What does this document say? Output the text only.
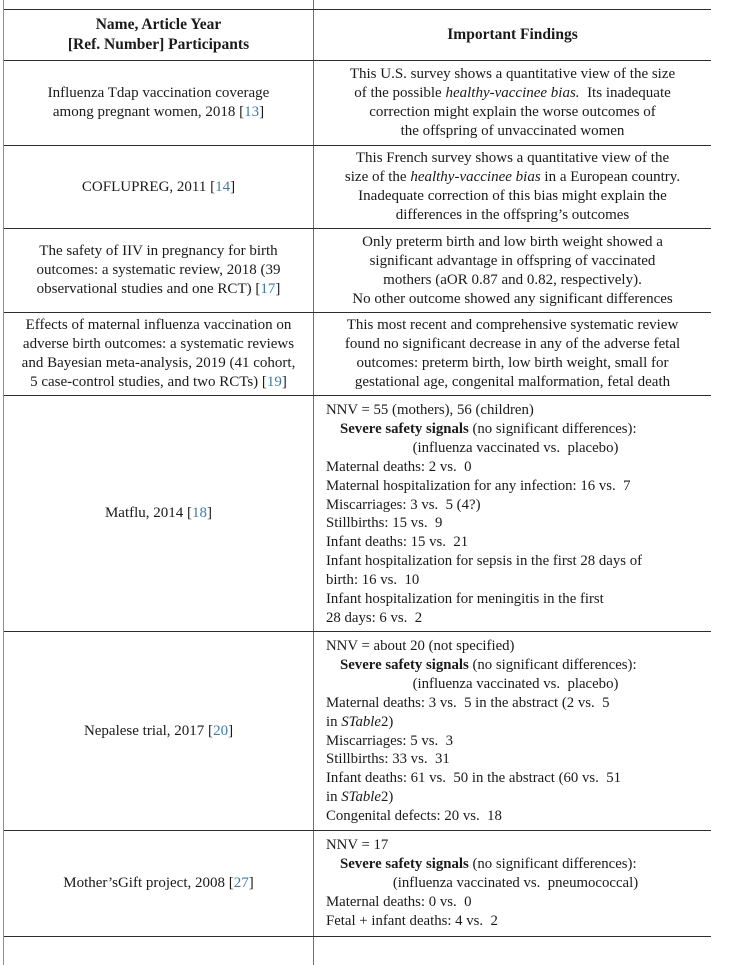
Name, Article Year
[Ref. Number] Participants
Important Findings
Influenza Tdap vaccination coverage
among pregnant women, 2018 [13]
This U.S. survey shows a quantitative view of the size
of the possible healthy-vaccinee bias.  Its inadequate
correction might explain the worse outcomes of
the offspring of unvaccinated women
COFLUPREG, 2011 [14]
This French survey shows a quantitative view of the
size of the healthy-vaccinee bias in a European country.
Inadequate correction of this bias might explain the
differences in the offspring’s outcomes
The safety of IIV in pregnancy for birth
outcomes: a systematic review, 2018 (39
observational studies and one RCT) [17]
Only preterm birth and low birth weight showed a
significant advantage in offspring of vaccinated
mothers (aOR 0.87 and 0.82, respectively).
No other outcome showed any significant differences
Effects of maternal influenza vaccination on
adverse birth outcomes: a systematic reviews
and Bayesian meta-analysis, 2019 (41 cohort,
5 case-control studies, and two RCTs) [19]
This most recent and comprehensive systematic review
found no significant decrease in any of the adverse fetal
outcomes: preterm birth, low birth weight, small for
gestational age, congenital malformation, fetal death
Matflu, 2014 [18]
NNV = 55 (mothers), 56 (children)
Severe safety signals (no significant differences):
(influenza vaccinated vs.  placebo)
Maternal deaths: 2 vs.  0
Maternal hospitalization for any infection: 16 vs.  7
Miscarriages: 3 vs.  5 (4?)
Stillbirths: 15 vs.  9
Infant deaths: 15 vs.  21
Infant hospitalization for sepsis in the first 28 days of
birth: 16 vs.  10
Infant hospitalization for meningitis in the first
28 days: 6 vs.  2
Nepalese trial, 2017 [20]
NNV = about 20 (not specified)
Severe safety signals (no significant differences):
(influenza vaccinated vs.  placebo)
Maternal deaths: 3 vs.  5 in the abstract (2 vs.  5
in STable2)
Miscarriages: 5 vs.  3
Stillbirths: 33 vs.  31
Infant deaths: 61 vs.  50 in the abstract (60 vs.  51
in STable2)
Congenital defects: 20 vs.  18
Mother’sGift project, 2008 [27]
NNV = 17
Severe safety signals (no significant differences):
(influenza vaccinated vs.  pneumococcal)
Maternal deaths: 0 vs.  0
Fetal + infant deaths: 4 vs.  2
